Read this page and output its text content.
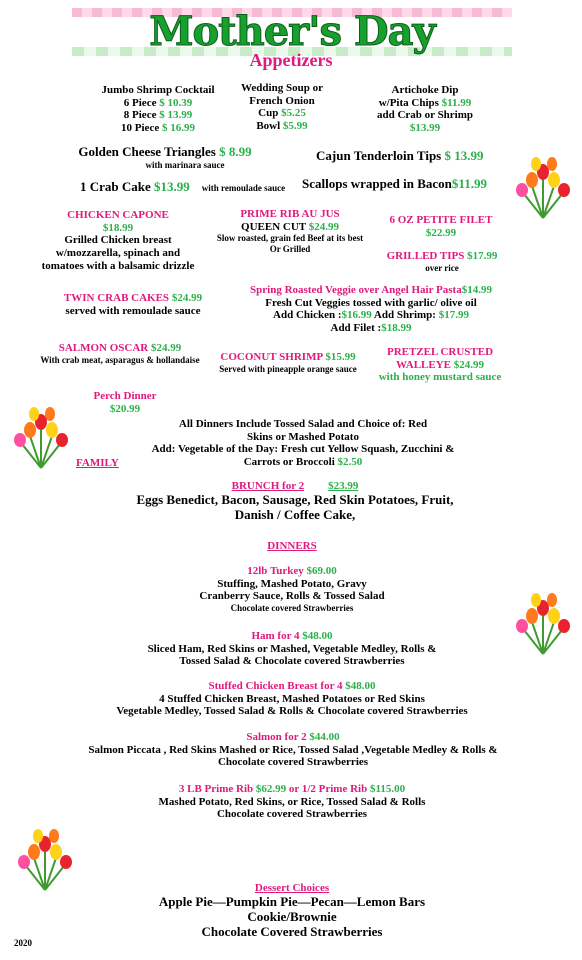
Mother's Day
Appetizers
Jumbo Shrimp Cocktail
6 Piece $ 10.39
8 Piece $ 13.99
10 Piece $ 16.99
Wedding Soup or
French Onion
Cup $5.25
Bowl $5.99
Artichoke Dip
w/Pita Chips $11.99
add Crab or Shrimp
$13.99
Golden Cheese Triangles $ 8.99
with marinara sauce
Cajun Tenderloin Tips $ 13.99
1 Crab Cake $13.99 with remoulade sauce Scallops wrapped in Bacon$11.99
CHICKEN CAPONE
$18.99
Grilled Chicken breast
w/mozzarella, spinach and
tomatoes with a balsamic drizzle
PRIME RIB AU JUS
QUEEN CUT $24.99
Slow roasted, grain fed Beef at its best
Or Grilled
6 OZ PETITE FILET
$22.99
GRILLED TIPS $17.99
over rice
TWIN CRAB CAKES $24.99
served with remoulade sauce
Spring Roasted Veggie over Angel Hair Pasta$14.99
Fresh Cut Veggies tossed with garlic/ olive oil
Add Chicken :$16.99 Add Shrimp: $17.99
Add Filet :$18.99
SALMON OSCAR $24.99
With crab meat, asparagus & hollandaise	COCONUT SHRIMP $15.99
Served with pineapple orange sauce
PRETZEL CRUSTED
WALLEYE $24.99
with honey mustard sauce
Perch Dinner
$20.99
All Dinners Include Tossed Salad and Choice of: Red
Skins or Mashed Potato
Add: Vegetable of the Day: Fresh cut Yellow Squash, Zucchini &
Carrots or Broccoli $2.50
FAMILY
BRUNCH for 2 $23.99
Eggs Benedict, Bacon, Sausage, Red Skin Potatoes, Fruit,
Danish / Coffee Cake,
DINNERS
12lb Turkey $69.00
Stuffing, Mashed Potato, Gravy
Cranberry Sauce, Rolls & Tossed Salad
Chocolate covered Strawberries
Ham for 4 $48.00
Sliced Ham, Red Skins or Mashed, Vegetable Medley, Rolls &
Tossed Salad & Chocolate covered Strawberries
Stuffed Chicken Breast for 4 $48.00
4 Stuffed Chicken Breast, Mashed Potatoes or Red Skins
Vegetable Medley, Tossed Salad & Rolls & Chocolate covered Strawberries
Salmon for 2 $44.00
Salmon Piccata , Red Skins Mashed or Rice, Tossed Salad ,Vegetable Medley & Rolls &
Chocolate covered Strawberries
3 LB Prime Rib $62.99 or 1/2 Prime Rib $115.00
Mashed Potato, Red Skins, or Rice, Tossed Salad & Rolls
Chocolate covered Strawberries
Dessert Choices
Apple Pie—Pumpkin Pie—Pecan—Lemon Bars
Cookie/Brownie
Chocolate Covered Strawberries
2020
